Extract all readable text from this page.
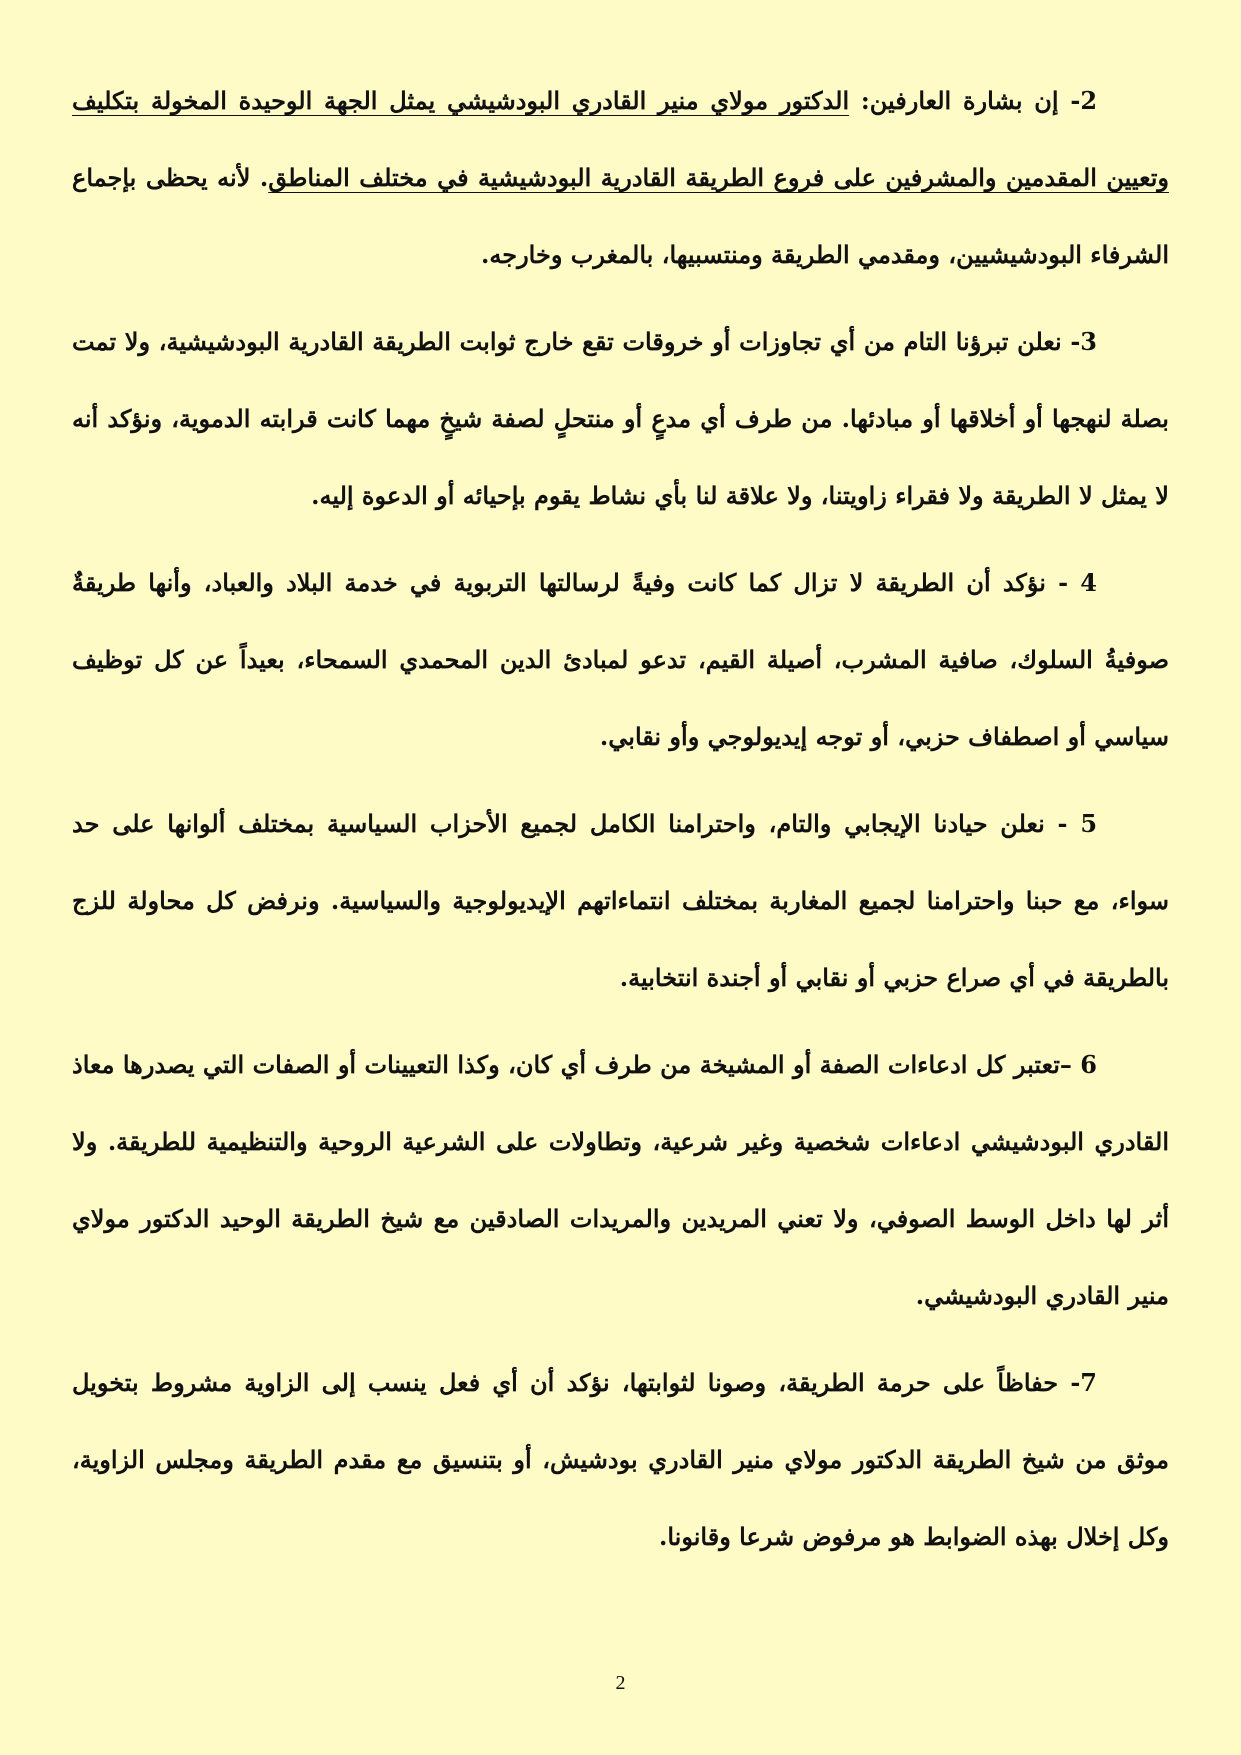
2- إن بشارة العارفين: الدكتور مولاي منير القادري البودشيشي يمثل الجهة الوحيدة المخولة بتكليف وتعيين المقدمين والمشرفين على فروع الطريقة القادرية البودشيشية في مختلف المناطق. لأنه يحظى بإجماع الشرفاء البودشيشيين، ومقدمي الطريقة ومنتسبيها، بالمغرب وخارجه.

3- نعلن تبرؤنا التام من أي تجاوزات أو خروقات تقع خارج ثوابت الطريقة القادرية البودشيشية، ولا تمت بصلة لنهجها أو أخلاقها أو مبادئها. من طرف أي مدعٍ أو منتحلٍ لصفة شيخٍ مهما كانت قرابته الدموية، ونؤكد أنه لا يمثل لا الطريقة ولا فقراء زاويتنا، ولا علاقة لنا بأي نشاط يقوم بإحيائه أو الدعوة إليه.

4 - نؤكد أن الطريقة لا تزال كما كانت وفيةً لرسالتها التربوية في خدمة البلاد والعباد، وأنها طريقةٌ صوفيةُ السلوك، صافية المشرب، أصيلة القيم، تدعو لمبادئ الدين المحمدي السمحاء، بعيداً عن كل توظيف سياسي أو اصطفاف حزبي، أو توجه إيديولوجي وأو نقابي.

5 - نعلن حيادنا الإيجابي والتام، واحترامنا الكامل لجميع الأحزاب السياسية بمختلف ألوانها على حد سواء، مع حبنا واحترامنا لجميع المغاربة بمختلف انتماءاتهم الإيديولوجية والسياسية. ونرفض كل محاولة للزج بالطريقة في أي صراع حزبي أو نقابي أو أجندة انتخابية.

6 –تعتبر كل ادعاءات الصفة أو المشيخة من طرف أي كان، وكذا التعيينات أو الصفات التي يصدرها معاذ القادري البودشيشي ادعاءات شخصية وغير شرعية، وتطاولات على الشرعية الروحية والتنظيمية للطريقة. ولا أثر لها داخل الوسط الصوفي، ولا تعني المريدين والمريدات الصادقين مع شيخ الطريقة الوحيد الدكتور مولاي منير القادري البودشيشي.

7- حفاظاً على حرمة الطريقة، وصونا لثوابتها، نؤكد أن أي فعل ينسب إلى الزاوية مشروط بتخويل موثق من شيخ الطريقة الدكتور مولاي منير القادري بودشيش، أو بتنسيق مع مقدم الطريقة ومجلس الزاوية، وكل إخلال بهذه الضوابط هو مرفوض شرعا وقانونا.

2
